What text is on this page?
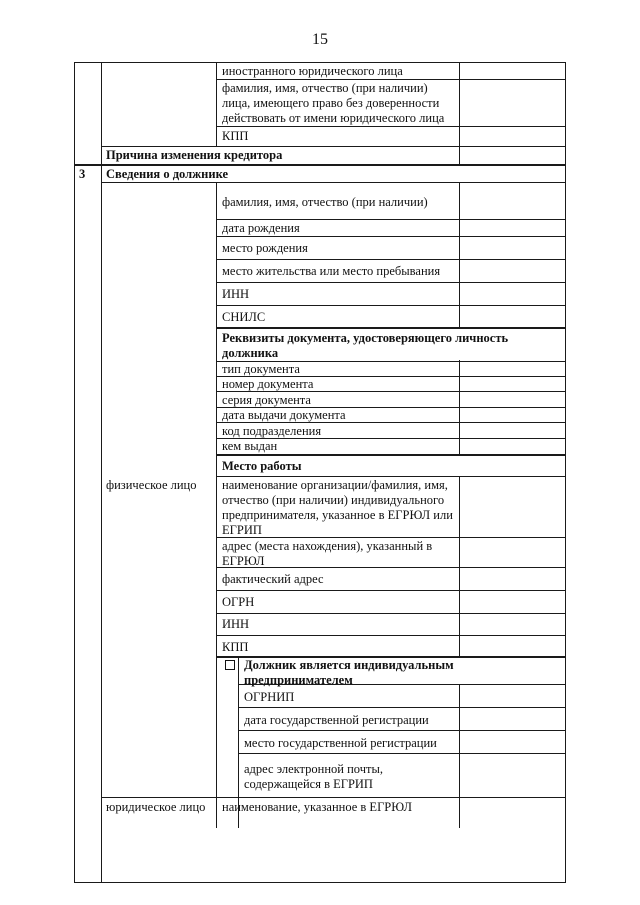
15
иностранного юридического лица
фамилия, имя, отчество (при наличии) лица, имеющего право без доверенности действовать от имени юридического лица
КПП
Причина изменения кредитора
3 Сведения о должнике
физическое лицо
фамилия, имя, отчество (при наличии)
дата рождения
место рождения
место жительства или место пребывания
ИНН
СНИЛС
Реквизиты документа, удостоверяющего личность должника
тип документа
номер документа
серия документа
дата выдачи документа
код подразделения
кем выдан
Место работы
наименование организации/фамилия, имя, отчество (при наличии) индивидуального предпринимателя, указанное в ЕГРЮЛ или ЕГРИП
адрес (места нахождения), указанный в ЕГРЮЛ
фактический адрес
ОГРН
ИНН
КПП
Должник является индивидуальным предпринимателем
ОГРНИП
дата государственной регистрации
место государственной регистрации
адрес электронной почты, содержащейся в ЕГРИП
юридическое лицо наименование, указанное в ЕГРЮЛ
